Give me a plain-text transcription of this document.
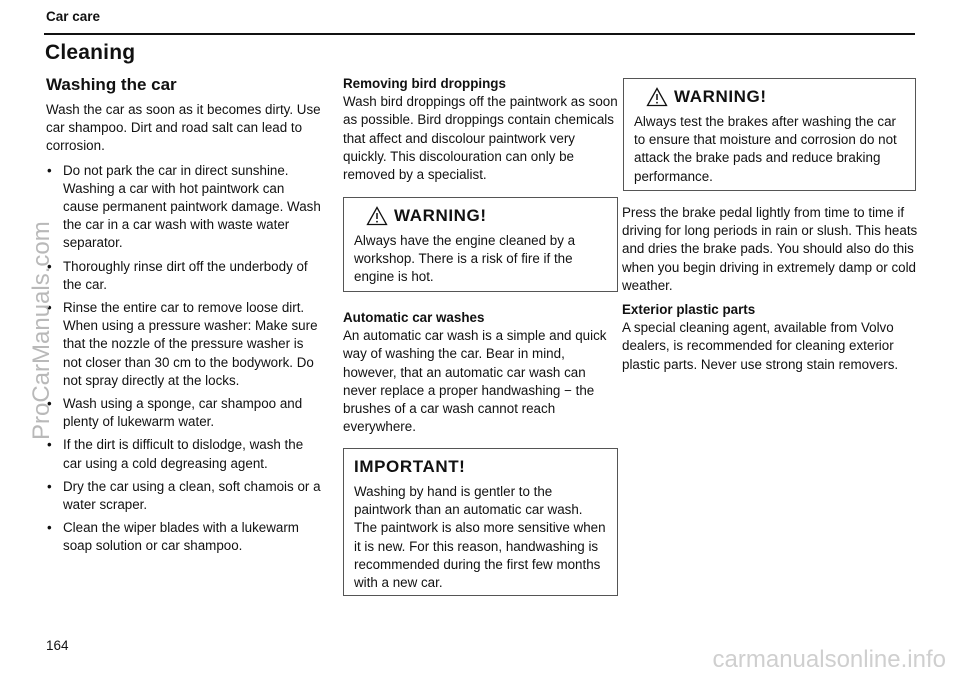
Car care
Cleaning
Washing the car

Wash the car as soon as it becomes dirty. Use car shampoo. Dirt and road salt can lead to corrosion.

• Do not park the car in direct sunshine. Washing a car with hot paintwork can cause permanent paintwork damage. Wash the car in a car wash with waste water separator.
• Thoroughly rinse dirt off the underbody of the car.
• Rinse the entire car to remove loose dirt. When using a pressure washer: Make sure that the nozzle of the pressure washer is not closer than 30 cm to the bodywork. Do not spray directly at the locks.
• Wash using a sponge, car shampoo and plenty of lukewarm water.
• If the dirt is difficult to dislodge, wash the car using a cold degreasing agent.
• Dry the car using a clean, soft chamois or a water scraper.
• Clean the wiper blades with a lukewarm soap solution or car shampoo.
Removing bird droppings

Wash bird droppings off the paintwork as soon as possible. Bird droppings contain chemicals that affect and discolour paintwork very quickly. This discolouration can only be removed by a specialist.

WARNING!

Always have the engine cleaned by a workshop. There is a risk of fire if the engine is hot.

Automatic car washes

An automatic car wash is a simple and quick way of washing the car. Bear in mind, however, that an automatic car wash can never replace a proper handwashing − the brushes of a car wash cannot reach everywhere.

IMPORTANT!

Washing by hand is gentler to the paintwork than an automatic car wash. The paintwork is also more sensitive when it is new. For this reason, handwashing is recommended during the first few months with a new car.

WARNING!

Always test the brakes after washing the car to ensure that moisture and corrosion do not attack the brake pads and reduce braking performance.

Press the brake pedal lightly from time to time if driving for long periods in rain or slush. This heats and dries the brake pads. You should also do this when you begin driving in extremely damp or cold weather.

Exterior plastic parts

A special cleaning agent, available from Volvo dealers, is recommended for cleaning exterior plastic parts. Never use strong stain removers.

164
ProCarManuals.com
carmanualsonline.info
